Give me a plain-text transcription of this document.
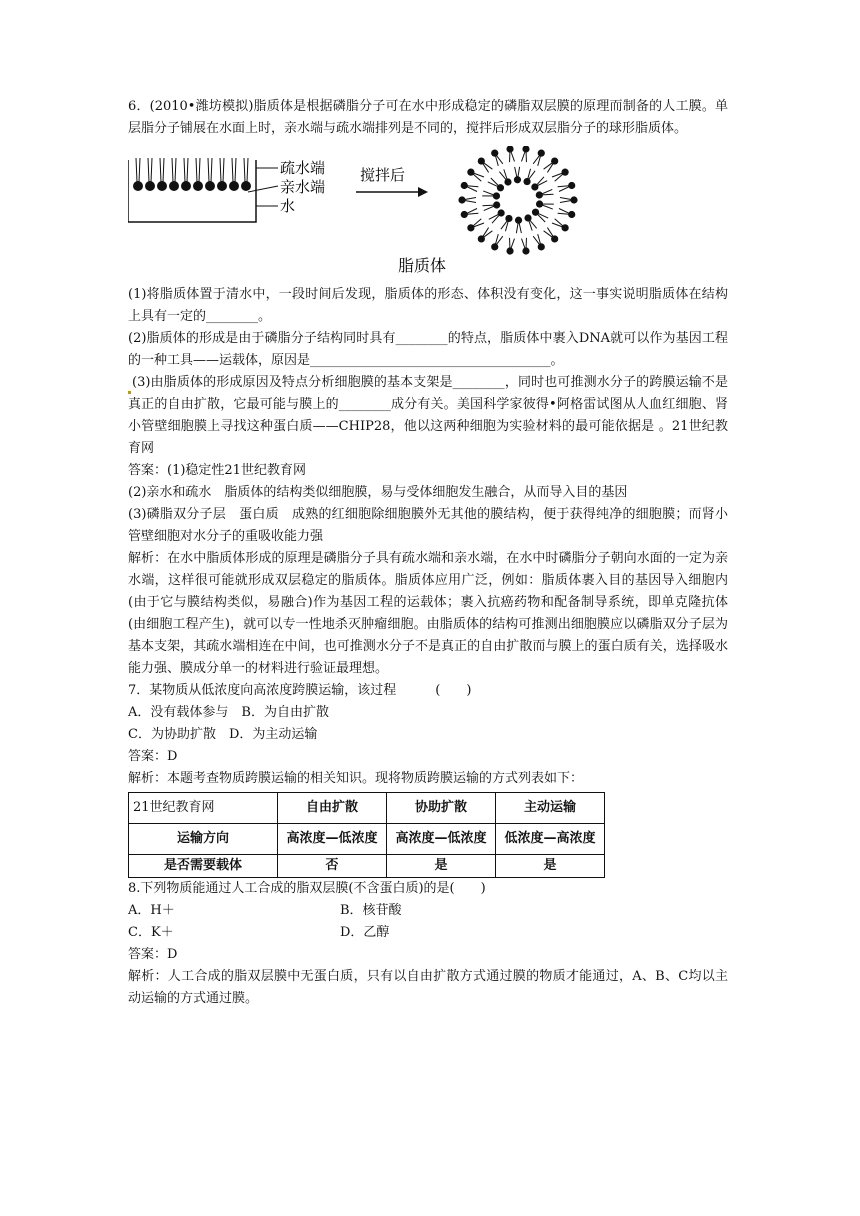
6．(2010•潍坊模拟)脂质体是根据磷脂分子可在水中形成稳定的磷脂双层膜的原理而制备的人工膜。单层脂分子铺展在水面上时，亲水端与疏水端排列是不同的，搅拌后形成双层脂分子的球形脂质体。

疏水端
亲水端
水
搅拌后
脂质体

(1)将脂质体置于清水中，一段时间后发现，脂质体的形态、体积没有变化，这一事实说明脂质体在结构上具有一定的________。

(2)脂质体的形成是由于磷脂分子结构同时具有________的特点，脂质体中裹入DNA就可以作为基因工程的一种工具——运载体，原因是_____________________________________。

(3)由脂质体的形成原因及特点分析细胞膜的基本支架是________，同时也可推测水分子的跨膜运输不是真正的自由扩散，它最可能与膜上的________成分有关。美国科学家彼得•阿格雷试图从人血红细胞、肾小管壁细胞膜上寻找这种蛋白质——CHIP28，他以这两种细胞为实验材料的最可能依据是 。21世纪教育网

答案：(1)稳定性21世纪教育网

(2)亲水和疏水　脂质体的结构类似细胞膜，易与受体细胞发生融合，从而导入目的基因

(3)磷脂双分子层　蛋白质　成熟的红细胞除细胞膜外无其他的膜结构，便于获得纯净的细胞膜；而肾小管壁细胞对水分子的重吸收能力强

解析：在水中脂质体形成的原理是磷脂分子具有疏水端和亲水端，在水中时磷脂分子朝向水面的一定为亲水端，这样很可能就形成双层稳定的脂质体。脂质体应用广泛，例如：脂质体裹入目的基因导入细胞内(由于它与膜结构类似，易融合)作为基因工程的运载体；裹入抗癌药物和配备制导系统，即单克隆抗体(由细胞工程产生)，就可以专一性地杀灭肿瘤细胞。由脂质体的结构可推测出细胞膜应以磷脂双分子层为基本支架，其疏水端相连在中间，也可推测水分子不是真正的自由扩散而与膜上的蛋白质有关，选择吸水能力强、膜成分单一的材料进行验证最理想。

7．某物质从低浓度向高浓度跨膜运输，该过程　　　(　　)

A．没有载体参与　 B．为自由扩散

C．为协助扩散　 D．为主动运输

答案：D

解析：本题考查物质跨膜运输的相关知识。现将物质跨膜运输的方式列表如下：

21世纪教育网	自由扩散	协助扩散	主动运输
运输方向	高浓度—低浓度	高浓度—低浓度	低浓度—高浓度
是否需要载体	否	是	是

8.下列物质能通过人工合成的脂双层膜(不含蛋白质)的是(　　)

A．H＋	B．核苷酸

C．K＋	D．乙醇

答案：D

解析：人工合成的脂双层膜中无蛋白质，只有以自由扩散方式通过膜的物质才能通过，A、B、C均以主动运输的方式通过膜。
